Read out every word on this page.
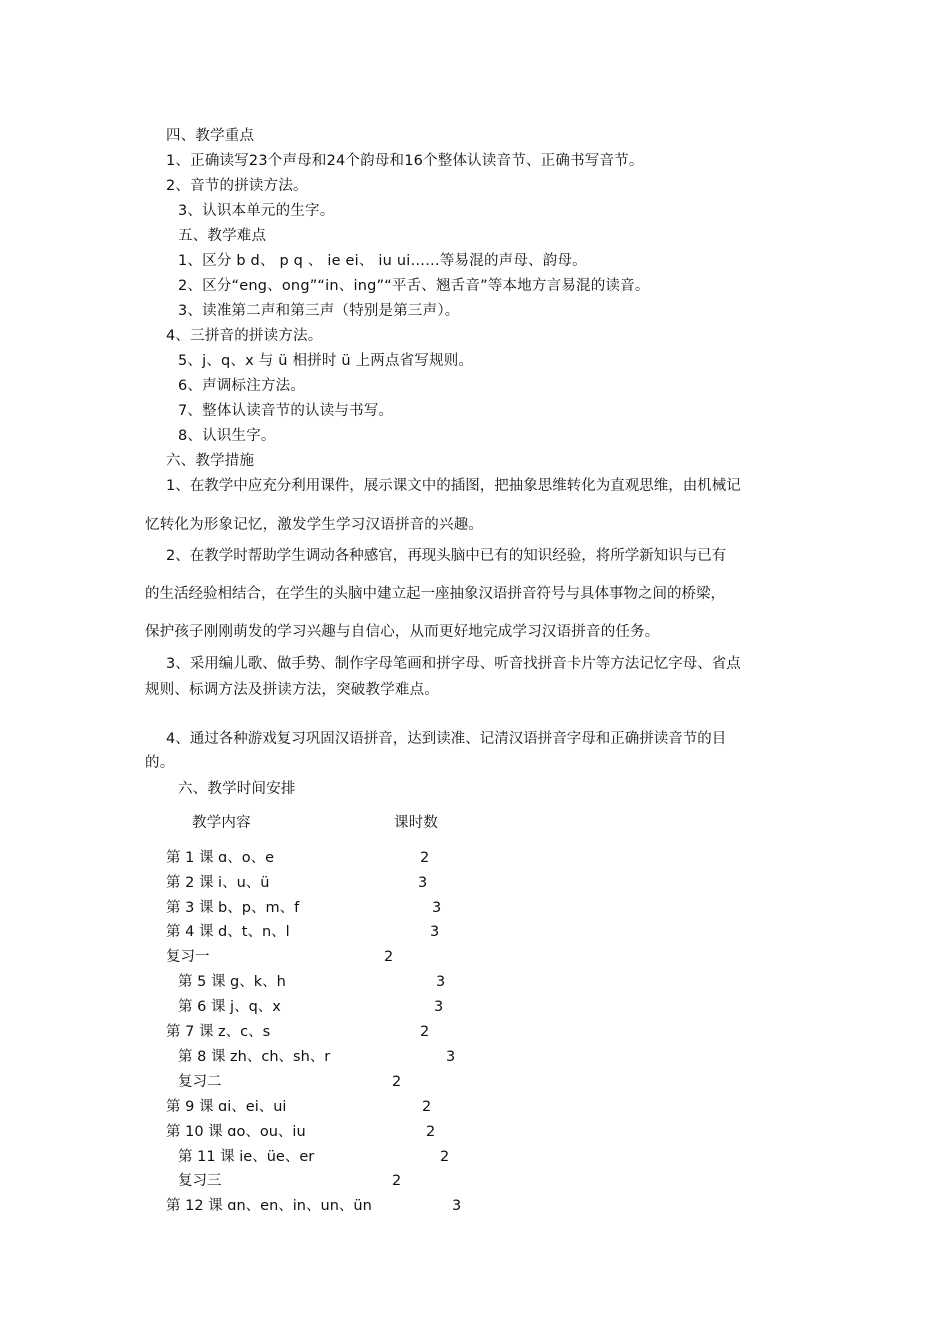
四、教学重点
1、正确读写23个声母和24个韵母和16个整体认读音节、正确书写音节。
2、音节的拼读方法。
3、认识本单元的生字。
五、教学难点
1、区分 b d、 p q 、 ie ei、 iu ui……等易混的声母、韵母。
2、区分“eng、ong”“in、ing”“平舌、翘舌音”等本地方言易混的读音。
3、读准第二声和第三声（特别是第三声）。
4、三拼音的拼读方法。
5、j、q、x 与 ü 相拼时 ü 上两点省写规则。
6、声调标注方法。
7、整体认读音节的认读与书写。
8、认识生字。
六、教学措施
1、在教学中应充分利用课件，展示课文中的插图，把抽象思维转化为直观思维，由机械记
忆转化为形象记忆，激发学生学习汉语拼音的兴趣。
2、在教学时帮助学生调动各种感官，再现头脑中已有的知识经验，将所学新知识与已有
的生活经验相结合，在学生的头脑中建立起一座抽象汉语拼音符号与具体事物之间的桥梁，
保护孩子刚刚萌发的学习兴趣与自信心，从而更好地完成学习汉语拼音的任务。
3、采用编儿歌、做手势、制作字母笔画和拼字母、听音找拼音卡片等方法记忆字母、省点
规则、标调方法及拼读方法，突破教学难点。
4、通过各种游戏复习巩固汉语拼音，达到读准、记清汉语拼音字母和正确拼读音节的目
的。
六、教学时间安排
教学内容	课时数
第 1 课 ɑ、o、e	2
第 2 课 i、u、ü	3
第 3 课 b、p、m、f	3
第 4 课 d、t、n、l	3
复习一	2
第 5 课 g、k、h	3
第 6 课 j、q、x	3
第 7 课 z、c、s	2
第 8 课 zh、ch、sh、r	3
复习二	2
第 9 课 ɑi、ei、ui	2
第 10 课 ɑo、ou、iu	2
第 11 课 ie、üe、er	2
复习三	2
第 12 课 ɑn、en、in、un、ün	3
